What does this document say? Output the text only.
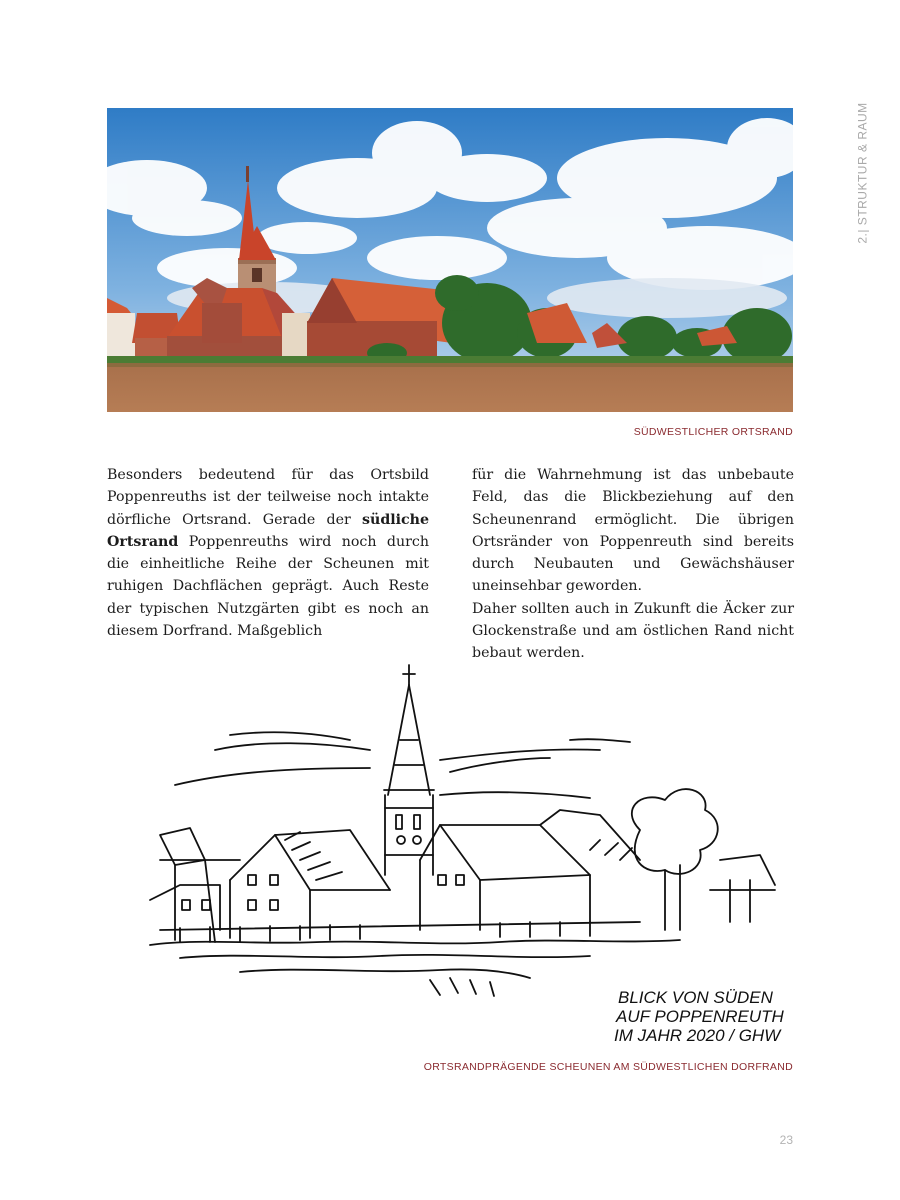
2.| STRUKTUR & RAUM
SÜDWESTLICHER ORTSRAND

Besonders bedeutend für das Ortsbild Poppenreuths ist der teilweise noch intakte dörfliche Ortsrand. Gerade der südliche Ortsrand Poppenreuths wird noch durch die einheitliche Reihe der Scheunen mit ruhigen Dachflächen geprägt. Auch Reste der typischen Nutzgärten gibt es noch an diesem Dorfrand. Maßgeblich

für die Wahrnehmung ist das unbebaute Feld, das die Blickbeziehung auf den Scheunenrand ermöglicht. Die übrigen Ortsränder von Poppenreuth sind bereits durch Neubauten und Gewächshäuser uneinsehbar geworden.

Daher sollten auch in Zukunft die Äcker zur Glockenstraße und am östlichen Rand nicht bebaut werden.

BLICK VON SÜDEN
AUF POPPENREUTH
IM JAHR 2020 / GHW
ORTSRANDPRÄGENDE SCHEUNEN AM SÜDWESTLICHEN DORFRAND
23
